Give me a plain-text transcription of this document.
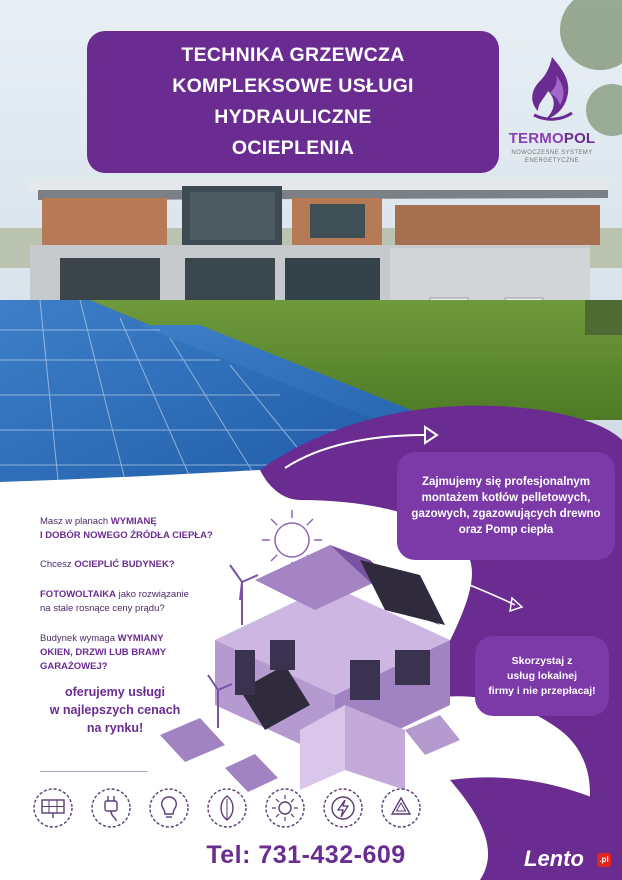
TECHNIKA GRZEWCZA
KOMPLEKSOWE USŁUGI
HYDRAULICZNE
OCIEPLENIA	TERMOPOL
NOWOCZESNE SYSTEMY
ENERGETYCZNE
Zajmujemy się profesjonalnym
montażem kotłów pelletowych,
gazowych, zgazowujących drewno
oraz Pomp ciepła
Skorzystaj z
usług lokalnej
firmy i nie przepłacaj!
Masz w planach WYMIANĘ
I DOBÓR NOWEGO ŹRÓDŁA CIEPŁA?
Chcesz OCIEPLIĆ BUDYNEK?
FOTOWOLTAIKA jako rozwiązanie
na stale rosnące ceny prądu?
Budynek wymaga WYMIANY
OKIEN, DRZWI LUB BRAMY
GARAŻOWEJ?
oferujemy usługi
w najlepszych cenach
na rynku!
Tel: 731-432-609	Lento .pl
